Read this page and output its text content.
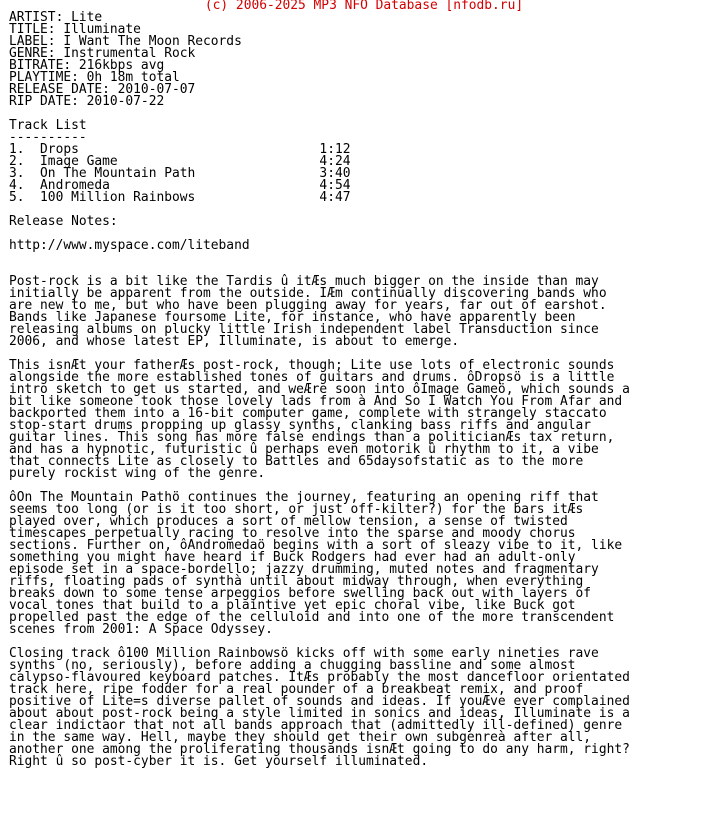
(c) 2006-2025 MP3 NFO Database [nfodb.ru]
ARTIST: Lite
TITLE: Illuminate
LABEL: I Want The Moon Records
GENRE: Instrumental Rock
BITRATE: 216kbps avg
PLAYTIME: 0h 18m total
RELEASE DATE: 2010-07-07
RIP DATE: 2010-07-22
Track List
----------
1.  Drops                               1:12
2.  Image Game                          4:24
3.  On The Mountain Path                3:40
4.  Andromeda                           4:54
5.  100 Million Rainbows                4:47
Release Notes:
http://www.myspace.com/liteband
Post-rock is a bit like the Tardis û itÆs much bigger on the inside than may
initially be apparent from the outside. IÆm continually discovering bands who
are new to me, but who have been plugging away for years, far out of earshot.
Bands like Japanese foursome Lite, for instance, who have apparently been
releasing albums on plucky little Irish independent label Transduction since
2006, and whose latest EP, Illuminate, is about to emerge.
This isnÆt your fatherÆs post-rock, though; Lite use lots of electronic sounds
alongside the more established tones of guitars and drums. ôDropsö is a little
intro sketch to get us started, and weÆre soon into ôImage Gameö, which sounds a
bit like someone took those lovely lads from à And So I Watch You From Afar and
backported them into a 16-bit computer game, complete with strangely staccato
stop-start drums propping up glassy synths, clanking bass riffs and angular
guitar lines. This song has more false endings than a politicianÆs tax return,
and has a hypnotic, futuristic û perhaps even motorik û rhythm to it, a vibe
that connects Lite as closely to Battles and 65daysofstatic as to the more
purely rockist wing of the genre.
ôOn The Mountain Pathö continues the journey, featuring an opening riff that
seems too long (or is it too short, or just off-kilter?) for the bars itÆs
played over, which produces a sort of mellow tension, a sense of twisted
timescapes perpetually racing to resolve into the sparse and moody chorus
sections. Further on, ôAndromedaö begins with a sort of sleazy vibe to it, like
something you might have heard if Buck Rodgers had ever had an adult-only
episode set in a space-bordello; jazzy drumming, muted notes and fragmentary
riffs, floating pads of synthà until about midway through, when everything
breaks down to some tense arpeggios before swelling back out with layers of
vocal tones that build to a plaintive yet epic choral vibe, like Buck got
propelled past the edge of the celluloid and into one of the more transcendent
scenes from 2001: A Space Odyssey.
Closing track ô100 Million Rainbowsö kicks off with some early nineties rave
synths (no, seriously), before adding a chugging bassline and some almost
calypso-flavoured keyboard patches. ItÆs probably the most dancefloor orientated
track here, ripe fodder for a real pounder of a breakbeat remix, and proof
positive of Lite=s diverse pallet of sounds and ideas. If youÆve ever complained
about about post-rock being a style limited in sonics and ideas, Illuminate is a
clear indictaor that not all bands approach that (admittedly ill-defined) genre
in the same way. Hell, maybe they should get their own subgenreà after all,
another one among the proliferating thousands isnÆt going to do any harm, right?
Right û so post-cyber it is. Get yourself illuminated.
